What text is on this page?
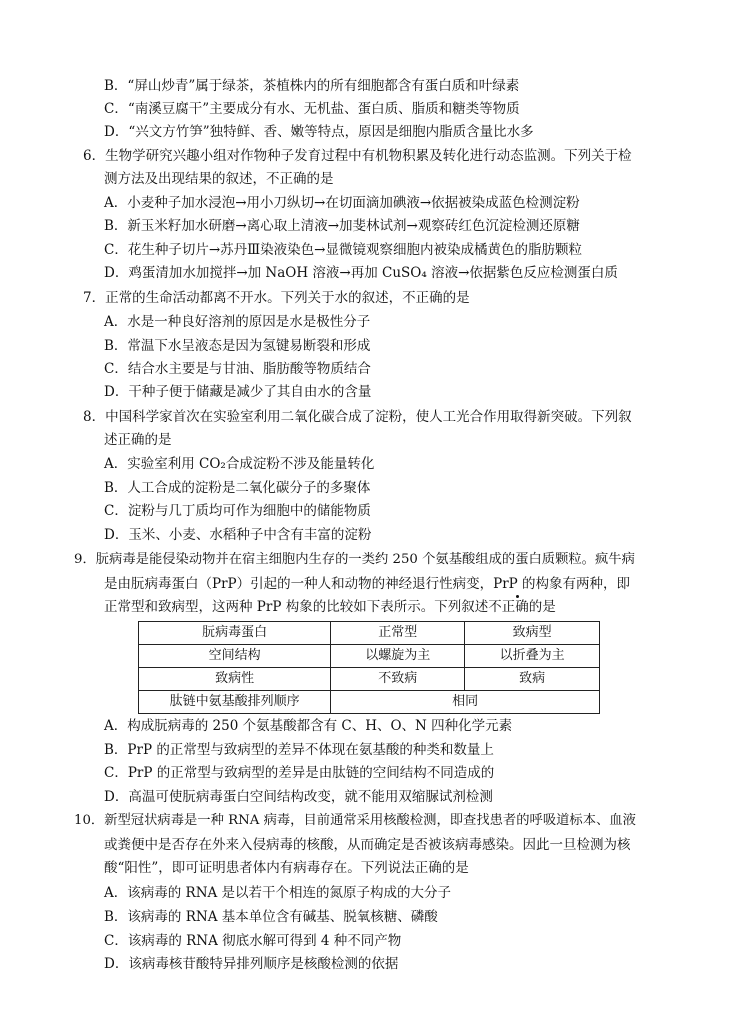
B．“屏山炒青”属于绿茶，茶植株内的所有细胞都含有蛋白质和叶绿素
C．“南溪豆腐干”主要成分有水、无机盐、蛋白质、脂质和糖类等物质
D．“兴文方竹笋”独特鲜、香、嫩等特点，原因是细胞内脂质含量比水多
6．生物学研究兴趣小组对作物种子发育过程中有机物积累及转化进行动态监测。下列关于检
测方法及出现结果的叙述，不正确的是
A．小麦种子加水浸泡→用小刀纵切→在切面滴加碘液→依据被染成蓝色检测淀粉
B．新玉米籽加水研磨→离心取上清液→加斐林试剂→观察砖红色沉淀检测还原糖
C．花生种子切片→苏丹Ⅲ染液染色→显微镜观察细胞内被染成橘黄色的脂肪颗粒
D．鸡蛋清加水加搅拌→加 NaOH 溶液→再加 CuSO₄ 溶液→依据紫色反应检测蛋白质
7．正常的生命活动都离不开水。下列关于水的叙述，不正确的是
A．水是一种良好溶剂的原因是水是极性分子
B．常温下水呈液态是因为氢键易断裂和形成
C．结合水主要是与甘油、脂肪酸等物质结合
D．干种子便于储藏是减少了其自由水的含量
8．中国科学家首次在实验室利用二氧化碳合成了淀粉，使人工光合作用取得新突破。下列叙
述正确的是
A．实验室利用 CO₂合成淀粉不涉及能量转化
B．人工合成的淀粉是二氧化碳分子的多聚体
C．淀粉与几丁质均可作为细胞中的储能物质
D．玉米、小麦、水稻种子中含有丰富的淀粉
9．朊病毒是能侵染动物并在宿主细胞内生存的一类约 250 个氨基酸组成的蛋白质颗粒。疯牛病
是由朊病毒蛋白（PrP）引起的一种人和动物的神经退行性病变，PrP 的构象有两种，即
正常型和致病型，这两种 PrP 构象的比较如下表所示。下列叙述不正确的是
朊病毒蛋白	正常型	致病型
空间结构	以螺旋为主	以折叠为主
致病性	不致病	致病
肽链中氨基酸排列顺序	相同	
A．构成朊病毒的 250 个氨基酸都含有 C、H、O、N 四种化学元素
B．PrP 的正常型与致病型的差异不体现在氨基酸的种类和数量上
C．PrP 的正常型与致病型的差异是由肽链的空间结构不同造成的
D．高温可使朊病毒蛋白空间结构改变，就不能用双缩脲试剂检测
10．新型冠状病毒是一种 RNA 病毒，目前通常采用核酸检测，即查找患者的呼吸道标本、血液
或粪便中是否存在外来入侵病毒的核酸，从而确定是否被该病毒感染。因此一旦检测为核
酸“阳性”，即可证明患者体内有病毒存在。下列说法正确的是
A．该病毒的 RNA 是以若干个相连的氮原子构成的大分子
B．该病毒的 RNA 基本单位含有碱基、脱氧核糖、磷酸
C．该病毒的 RNA 彻底水解可得到 4 种不同产物
D．该病毒核苷酸特异排列顺序是核酸检测的依据
